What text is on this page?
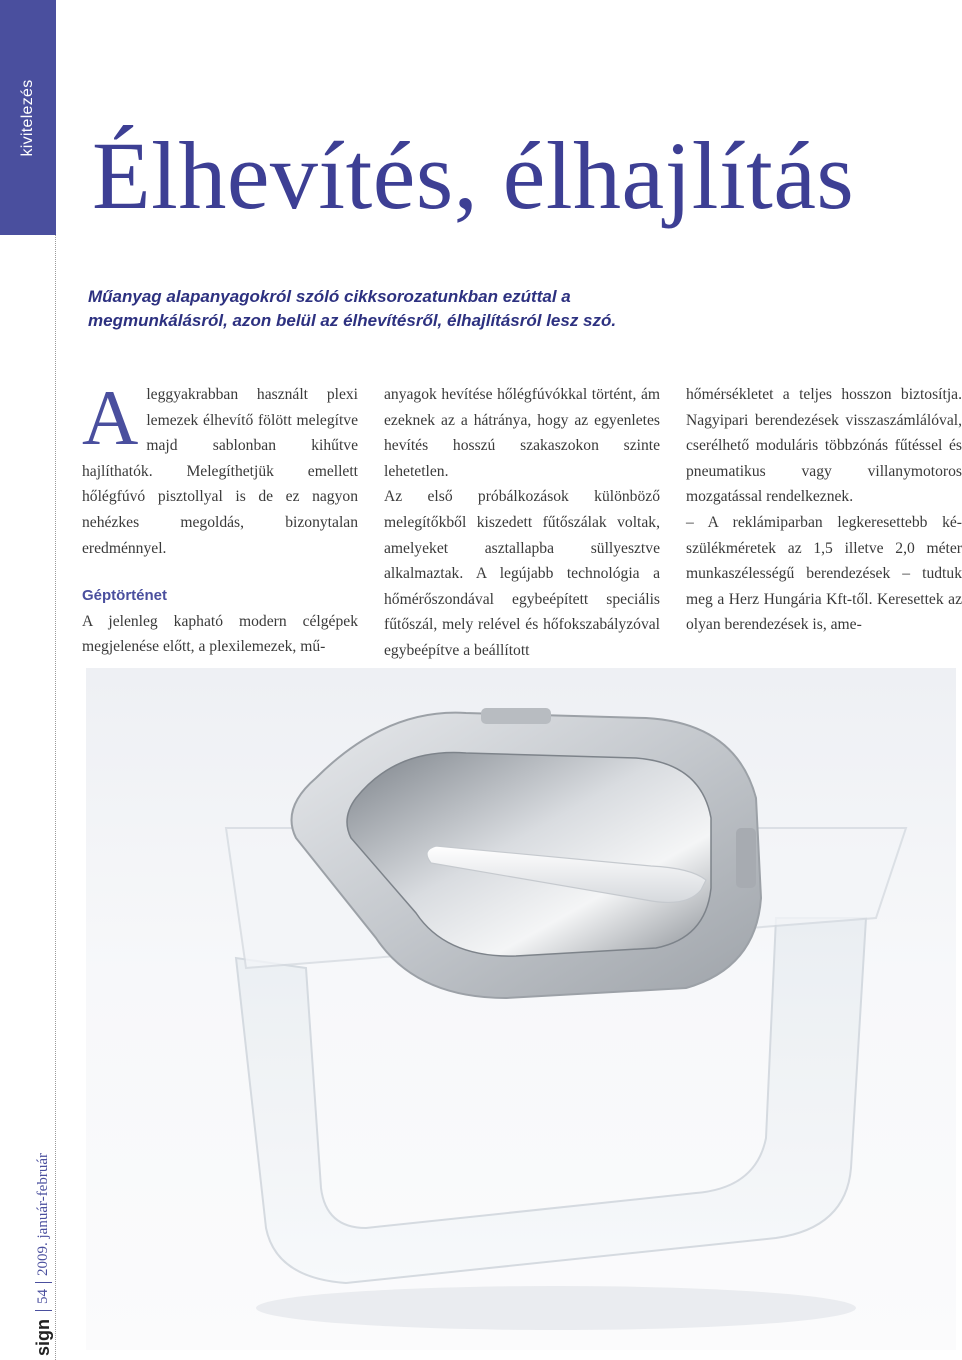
kivitelezés
sign
54
2009. január-február
Élhevítés, élhajlítás

Műanyag alapanyagokról szóló cikksorozatunkban ezúttal a megmunkálásról, azon belül az élhevítésről, élhajlításról lesz szó.

Aleggyakrabban használt plexi lemezek élhevítő fölött melegítve majd sablonban kihűtve hajlíthatók. Melegíthetjük emellett hőlégfúvó pisztollyal is de ez nagyon nehézkes megoldás, bizonytalan eredménnyel.

Géptörténet

A jelenleg kapható modern célgépek megjelenése előtt, a plexilemezek, mű-

anyagok hevítése hőlégfúvókkal történt, ám ezeknek az a hátránya, hogy az egyenletes hevítés hosszú szakaszokon szinte lehetetlen.

Az első próbálkozások különböző melegítőkből kiszedett fűtőszálak voltak, amelyeket asztallapba süllyesztve alkalmaztak. A legújabb technológia a hőmérőszondával egybeépített speciális fűtőszál, mely relével és hőfokszabályzóval egybeépítve a beállított

hőmérsékletet a teljes hosszon biztosítja. Nagyipari berendezések visszaszámlálóval, cserélhető moduláris többzónás fűtéssel és pneumatikus vagy villanymotoros mozgatással rendelkeznek.

– A reklámiparban legkeresettebb készülékméretek az 1,5 illetve 2,0 méter munkaszélességű berendezések – tudtuk meg a Herz Hungária Kft-től. Keresettek az olyan berendezések is, ame-
